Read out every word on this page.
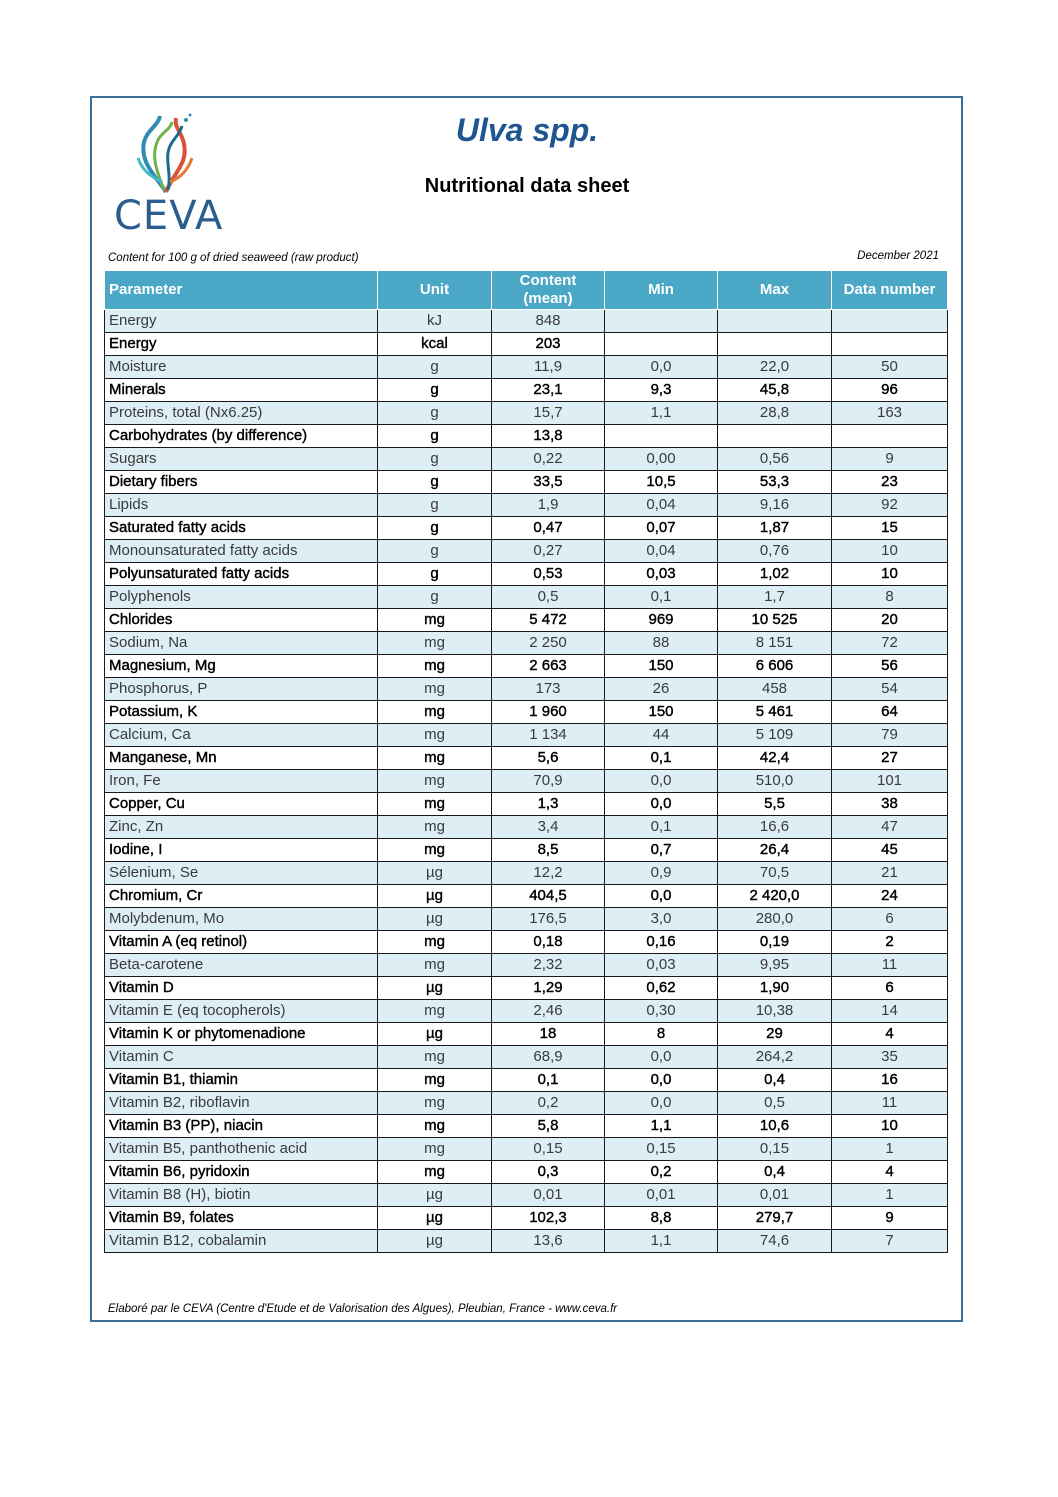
CEVA
Ulva spp.
Nutritional data sheet
Content for 100 g of dried seaweed (raw product)	December 2021
Parameter	Unit	Content (mean)	Min	Max	Data number
Energy	kJ	848			
Energy	kcal	203			
Moisture	g	11,9	0,0	22,0	50
Minerals	g	23,1	9,3	45,8	96
Proteins, total (Nx6.25)	g	15,7	1,1	28,8	163
Carbohydrates (by difference)	g	13,8			
Sugars	g	0,22	0,00	0,56	9
Dietary fibers	g	33,5	10,5	53,3	23
Lipids	g	1,9	0,04	9,16	92
Saturated fatty acids	g	0,47	0,07	1,87	15
Monounsaturated fatty acids	g	0,27	0,04	0,76	10
Polyunsaturated fatty acids	g	0,53	0,03	1,02	10
Polyphenols	g	0,5	0,1	1,7	8
Chlorides	mg	5 472	969	10 525	20
Sodium, Na	mg	2 250	88	8 151	72
Magnesium, Mg	mg	2 663	150	6 606	56
Phosphorus, P	mg	173	26	458	54
Potassium, K	mg	1 960	150	5 461	64
Calcium, Ca	mg	1 134	44	5 109	79
Manganese, Mn	mg	5,6	0,1	42,4	27
Iron, Fe	mg	70,9	0,0	510,0	101
Copper, Cu	mg	1,3	0,0	5,5	38
Zinc, Zn	mg	3,4	0,1	16,6	47
Iodine, I	mg	8,5	0,7	26,4	45
Sélenium, Se	µg	12,2	0,9	70,5	21
Chromium, Cr	µg	404,5	0,0	2 420,0	24
Molybdenum, Mo	µg	176,5	3,0	280,0	6
Vitamin A (eq retinol)	mg	0,18	0,16	0,19	2
Beta-carotene	mg	2,32	0,03	9,95	11
Vitamin D	µg	1,29	0,62	1,90	6
Vitamin E (eq tocopherols)	mg	2,46	0,30	10,38	14
Vitamin K or phytomenadione	µg	18	8	29	4
Vitamin C	mg	68,9	0,0	264,2	35
Vitamin B1, thiamin	mg	0,1	0,0	0,4	16
Vitamin B2, riboflavin	mg	0,2	0,0	0,5	11
Vitamin B3 (PP), niacin	mg	5,8	1,1	10,6	10
Vitamin B5, panthothenic acid	mg	0,15	0,15	0,15	1
Vitamin B6, pyridoxin	mg	0,3	0,2	0,4	4
Vitamin B8 (H), biotin	µg	0,01	0,01	0,01	1
Vitamin B9, folates	µg	102,3	8,8	279,7	9
Vitamin B12, cobalamin	µg	13,6	1,1	74,6	7
Elaboré par le CEVA (Centre d'Etude et de Valorisation des Algues), Pleubian, France - www.ceva.fr
